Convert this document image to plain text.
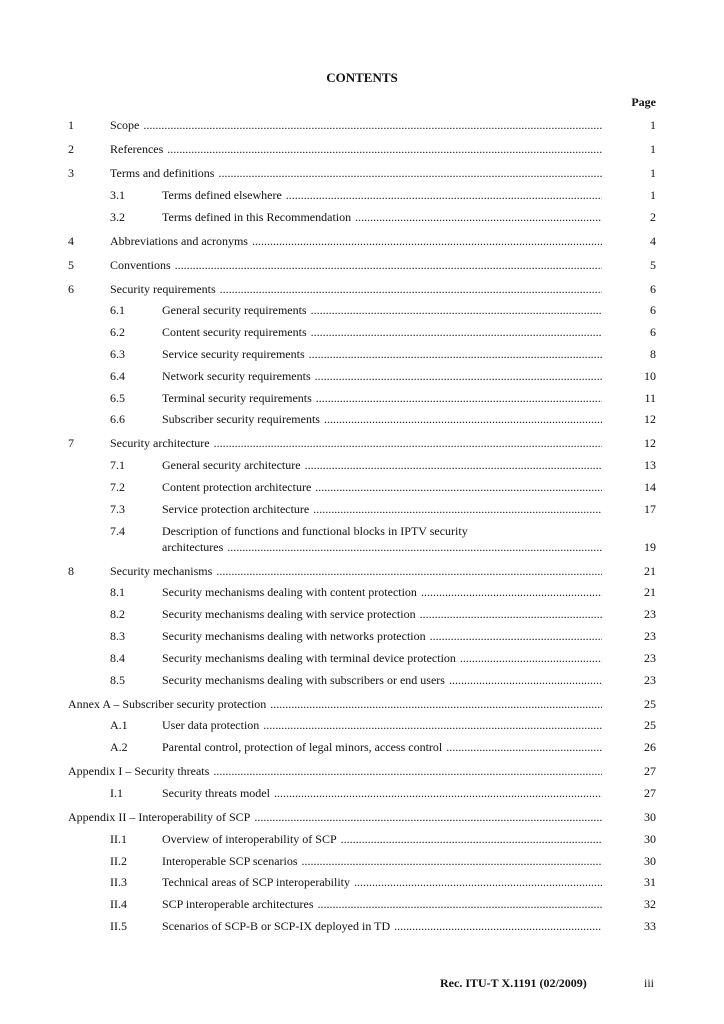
CONTENTS
Page
1	Scope .....	1
2	References .....	1
3	Terms and definitions .....	1
3.1	Terms defined elsewhere .....	1
3.2	Terms defined in this Recommendation .....	2
4	Abbreviations and acronyms .....	4
5	Conventions .....	5
6	Security requirements .....	6
6.1	General security requirements .....	6
6.2	Content security requirements .....	6
6.3	Service security requirements .....	8
6.4	Network security requirements .....	10
6.5	Terminal security requirements .....	11
6.6	Subscriber security requirements .....	12
7	Security architecture .....	12
7.1	General security architecture .....	13
7.2	Content protection architecture .....	14
7.3	Service protection architecture .....	17
7.4	Description of functions and functional blocks in IPTV security
architectures .....	19
8	Security mechanisms .....	21
8.1	Security mechanisms dealing with content protection .....	21
8.2	Security mechanisms dealing with service protection .....	23
8.3	Security mechanisms dealing with networks protection .....	23
8.4	Security mechanisms dealing with terminal device protection .....	23
8.5	Security mechanisms dealing with subscribers or end users .....	23
Annex A – Subscriber security protection .....	25
A.1	User data protection .....	25
A.2	Parental control, protection of legal minors, access control .....	26
Appendix I – Security threats .....	27
I.1	Security threats model .....	27
Appendix II – Interoperability of SCP .....	30
II.1	Overview of interoperability of SCP .....	30
II.2	Interoperable SCP scenarios .....	30
II.3	Technical areas of SCP interoperability .....	31
II.4	SCP interoperable architectures .....	32
II.5	Scenarios of SCP-B or SCP-IX deployed in TD .....	33
Rec. ITU-T X.1191 (02/2009)	iii
